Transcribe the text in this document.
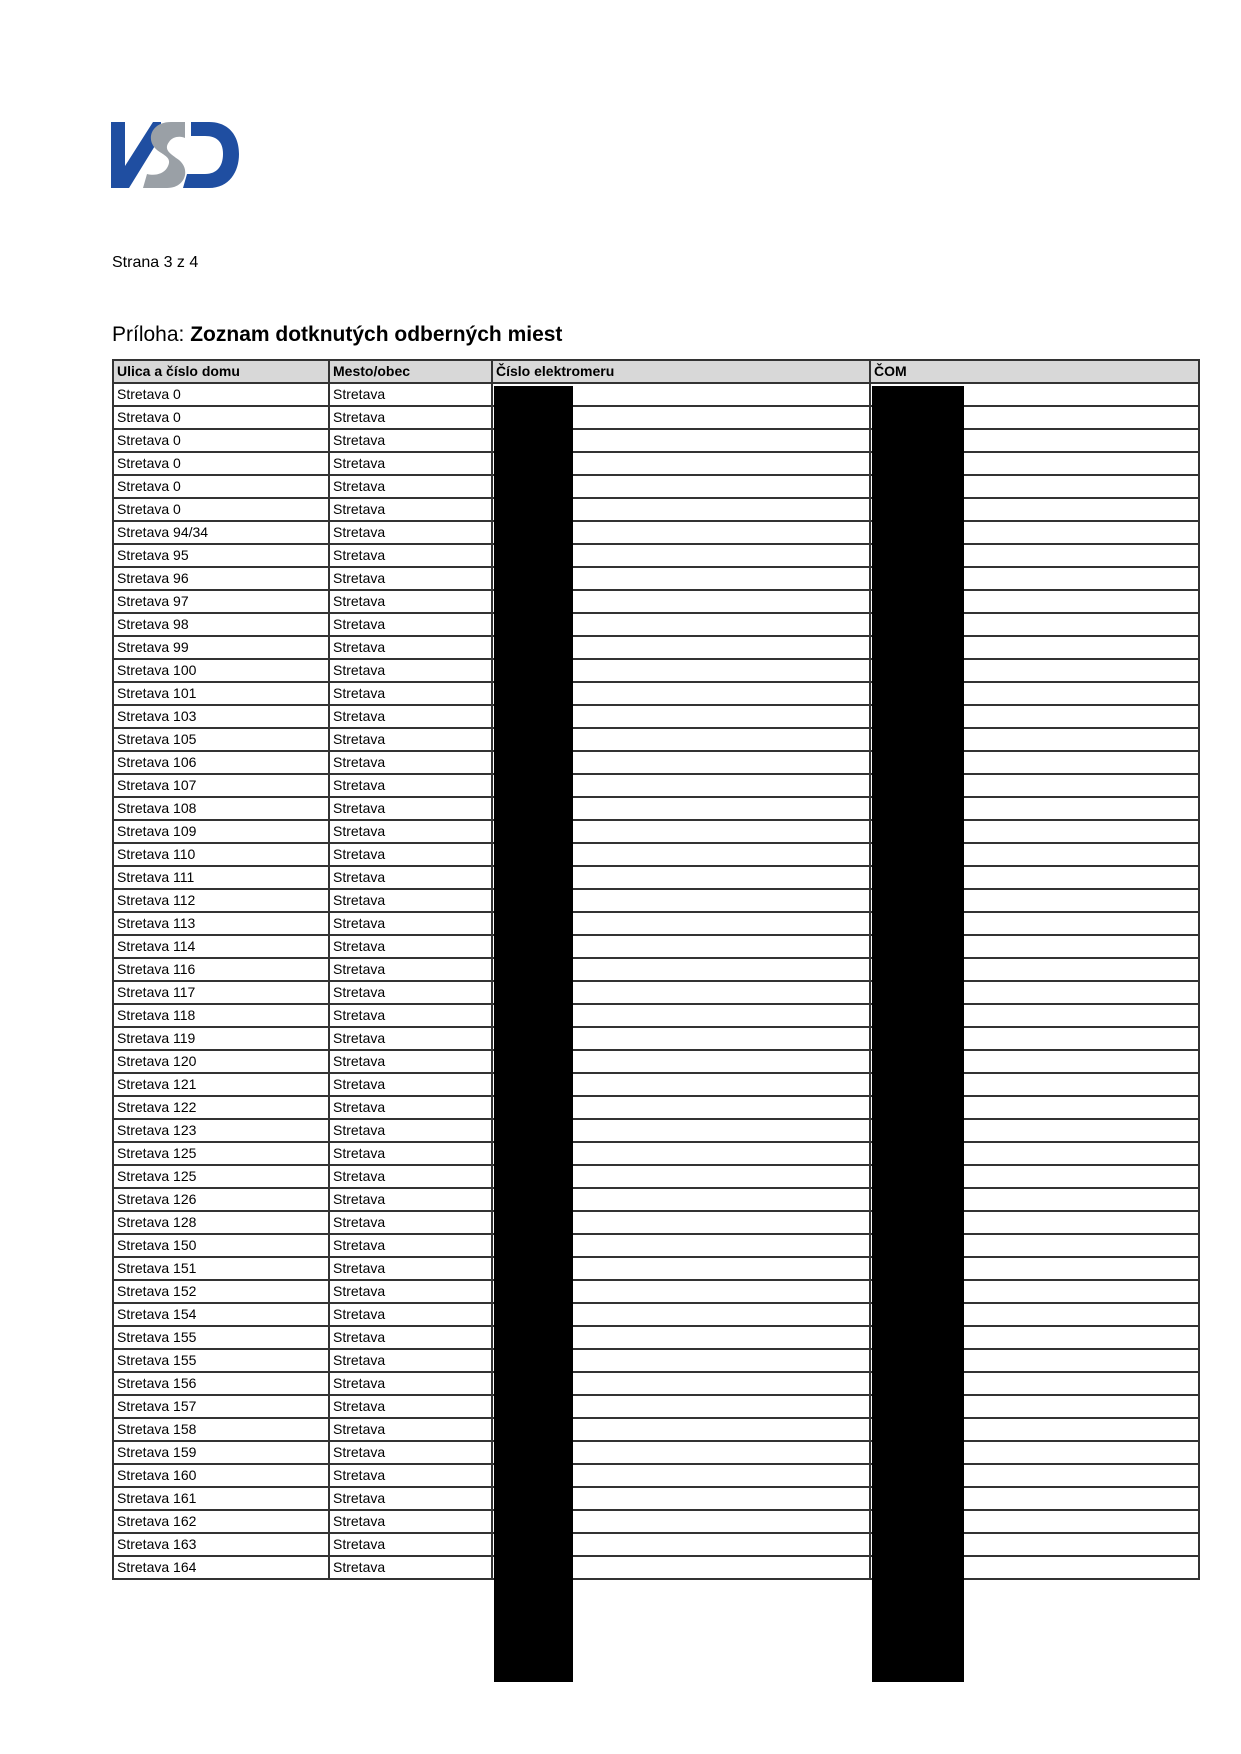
Strana 3 z 4
Príloha: Zoznam dotknutých odberných miest
Ulica a číslo domu	Mesto/obec	Číslo elektromeru	ČOM
Stretava 0	Stretava		
Stretava 0	Stretava		
Stretava 0	Stretava		
Stretava 0	Stretava		
Stretava 0	Stretava		
Stretava 0	Stretava		
Stretava 94/34	Stretava		
Stretava 95	Stretava		
Stretava 96	Stretava		
Stretava 97	Stretava		
Stretava 98	Stretava		
Stretava 99	Stretava		
Stretava 100	Stretava		
Stretava 101	Stretava		
Stretava 103	Stretava		
Stretava 105	Stretava		
Stretava 106	Stretava		
Stretava 107	Stretava		
Stretava 108	Stretava		
Stretava 109	Stretava		
Stretava 110	Stretava		
Stretava 111	Stretava		
Stretava 112	Stretava		
Stretava 113	Stretava		
Stretava 114	Stretava		
Stretava 116	Stretava		
Stretava 117	Stretava		
Stretava 118	Stretava		
Stretava 119	Stretava		
Stretava 120	Stretava		
Stretava 121	Stretava		
Stretava 122	Stretava		
Stretava 123	Stretava		
Stretava 125	Stretava		
Stretava 125	Stretava		
Stretava 126	Stretava		
Stretava 128	Stretava		
Stretava 150	Stretava		
Stretava 151	Stretava		
Stretava 152	Stretava		
Stretava 154	Stretava		
Stretava 155	Stretava		
Stretava 155	Stretava		
Stretava 156	Stretava		
Stretava 157	Stretava		
Stretava 158	Stretava		
Stretava 159	Stretava		
Stretava 160	Stretava		
Stretava 161	Stretava		
Stretava 162	Stretava		
Stretava 163	Stretava		
Stretava 164	Stretava		
